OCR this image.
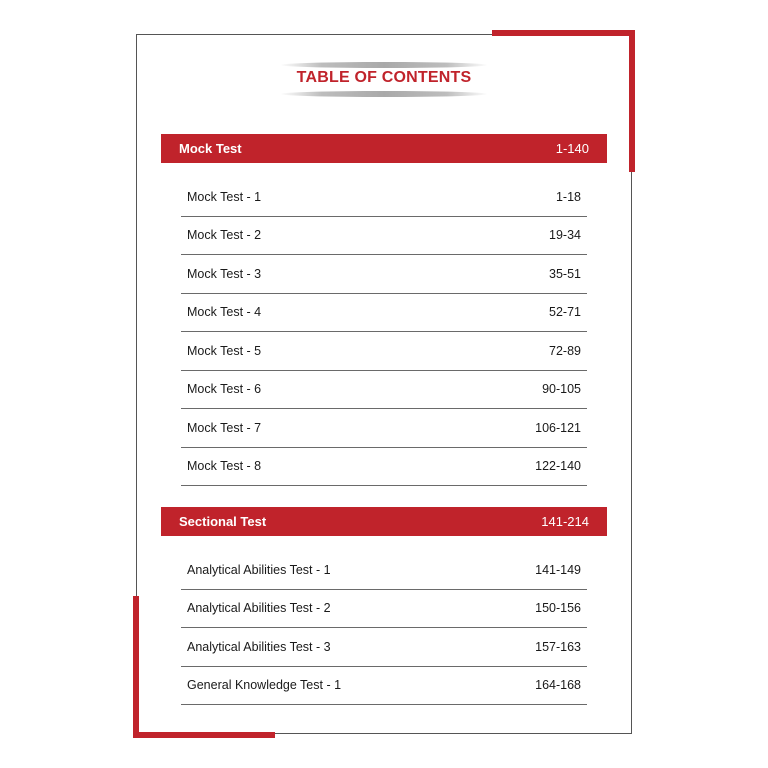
TABLE OF CONTENTS
Mock Test	1-140
Mock Test - 1	1-18
Mock Test - 2	19-34
Mock Test - 3	35-51
Mock Test - 4	52-71
Mock Test - 5	72-89
Mock Test - 6	90-105
Mock Test - 7	106-121
Mock Test - 8	122-140
Sectional Test	141-214
Analytical Abilities Test - 1	141-149
Analytical Abilities Test - 2	150-156
Analytical Abilities Test - 3	157-163
General Knowledge Test - 1	164-168
